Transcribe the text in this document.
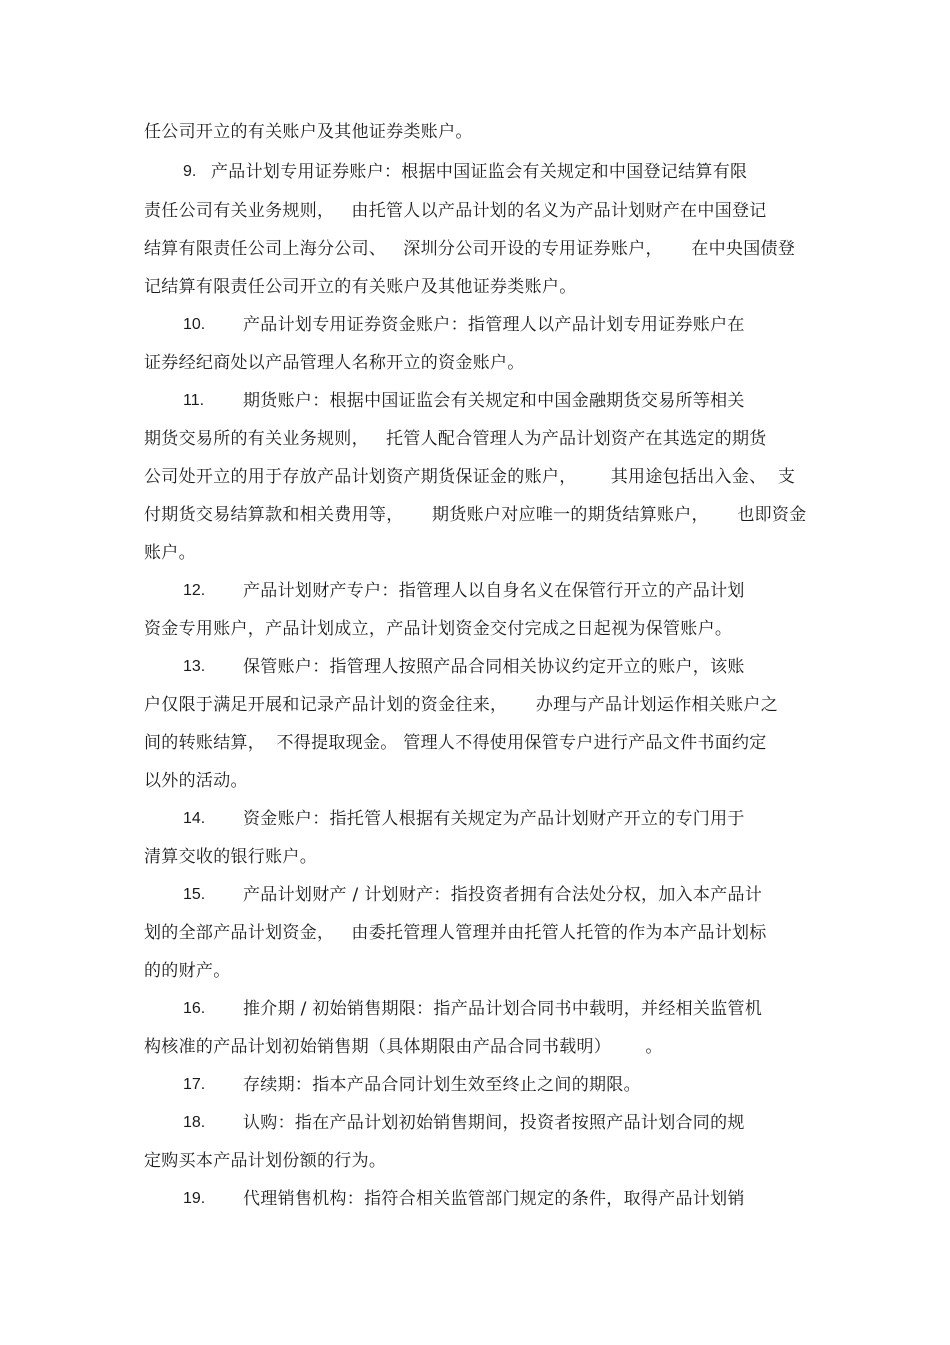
任公司开立的有关账户及其他证券类账户。
9. 产品计划专用证券账户：根据中国证监会有关规定和中国登记结算有限
责任公司有关业务规则，   由托管人以产品计划的名义为产品计划财产在中国登记
结算有限责任公司上海分公司、   深圳分公司开设的专用证券账户，     在中央国债登
记结算有限责任公司开立的有关账户及其他证券类账户。
10. 产品计划专用证券资金账户：指管理人以产品计划专用证券账户在
证券经纪商处以产品管理人名称开立的资金账户。
11. 期货账户：根据中国证监会有关规定和中国金融期货交易所等相关
期货交易所的有关业务规则，   托管人配合管理人为产品计划资产在其选定的期货
公司处开立的用于存放产品计划资产期货保证金的账户，      其用途包括出入金、  支
付期货交易结算款和相关费用等，     期货账户对应唯一的期货结算账户，     也即资金
账户。
12. 产品计划财产专户：指管理人以自身名义在保管行开立的产品计划
资金专用账户，产品计划成立，产品计划资金交付完成之日起视为保管账户。
13. 保管账户：指管理人按照产品合同相关协议约定开立的账户，该账
户仅限于满足开展和记录产品计划的资金往来，     办理与产品计划运作相关账户之
间的转账结算，  不得提取现金。 管理人不得使用保管专户进行产品文件书面约定
以外的活动。
14. 资金账户：指托管人根据有关规定为产品计划财产开立的专门用于
清算交收的银行账户。
15. 产品计划财产 / 计划财产：指投资者拥有合法处分权，加入本产品计
划的全部产品计划资金，   由委托管理人管理并由托管人托管的作为本产品计划标
的的财产。
16. 推介期 / 初始销售期限：指产品计划合同书中载明，并经相关监管机
构核准的产品计划初始销售期（具体期限由产品合同书载明）      。
17. 存续期：指本产品合同计划生效至终止之间的期限。
18. 认购：指在产品计划初始销售期间，投资者按照产品计划合同的规
定购买本产品计划份额的行为。
19. 代理销售机构：指符合相关监管部门规定的条件，取得产品计划销
